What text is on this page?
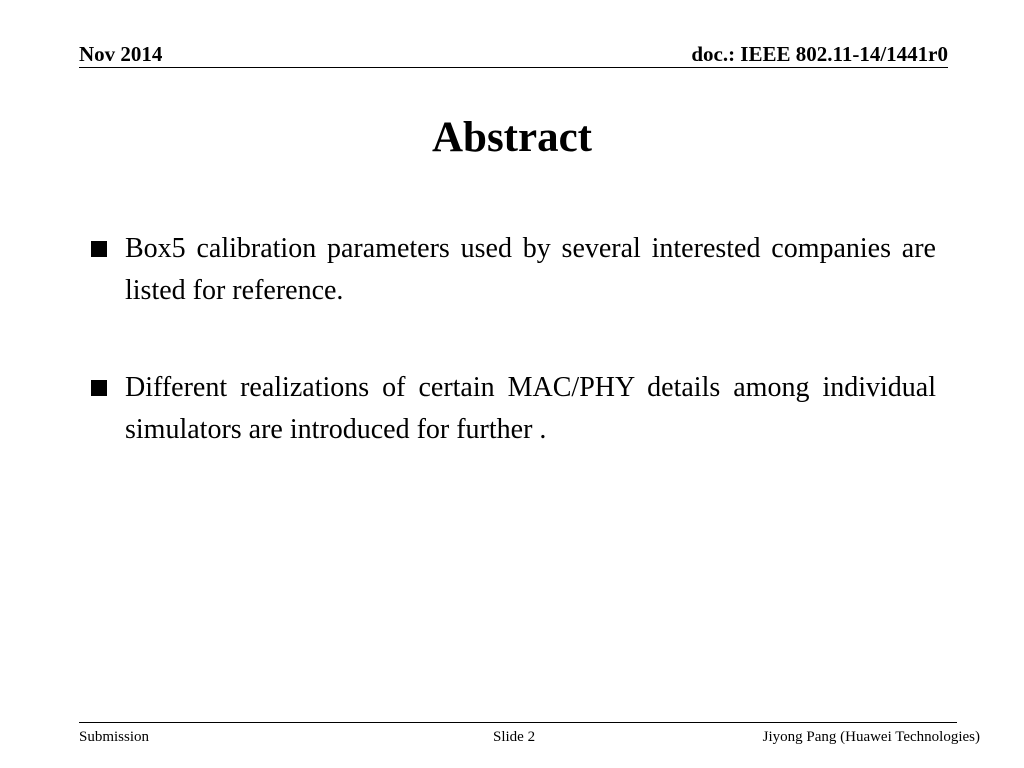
Nov 2014	doc.: IEEE 802.11-14/1441r0
Abstract
Box5 calibration parameters used by several interested companies are listed for reference.
Different realizations of certain MAC/PHY details among individual simulators are introduced for further .
Submission	Slide 2	Jiyong Pang (Huawei Technologies)
